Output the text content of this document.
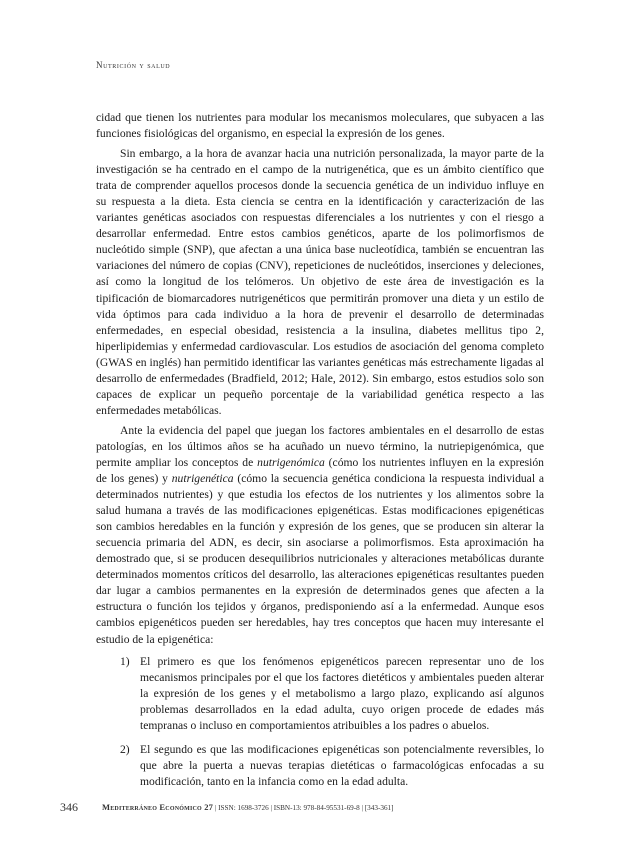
Nutrición y salud

cidad que tienen los nutrientes para modular los mecanismos moleculares, que subyacen a las funciones fisiológicas del organismo, en especial la expresión de los genes.

Sin embargo, a la hora de avanzar hacia una nutrición personalizada, la mayor parte de la investigación se ha centrado en el campo de la nutrigenética, que es un ámbito científico que trata de comprender aquellos procesos donde la secuencia genética de un individuo influye en su respuesta a la dieta. Esta ciencia se centra en la identificación y caracterización de las variantes genéticas asociados con respuestas diferenciales a los nutrientes y con el riesgo a desarrollar enfermedad. Entre estos cambios genéticos, aparte de los polimorfismos de nucleótido simple (SNP), que afectan a una única base nucleotídica, también se encuentran las variaciones del número de copias (CNV), repeticiones de nucleótidos, inserciones y deleciones, así como la longitud de los telómeros. Un objetivo de este área de investigación es la tipificación de biomarcadores nutrigenéticos que permitirán promover una dieta y un estilo de vida óptimos para cada individuo a la hora de prevenir el desarrollo de determinadas enfermedades, en especial obesidad, resistencia a la insulina, diabetes mellitus tipo 2, hiperlipidemias y enfermedad cardiovascular. Los estudios de asociación del genoma completo (GWAS en inglés) han permitido identificar las variantes genéticas más estrechamente ligadas al desarrollo de enfermedades (Bradfield, 2012; Hale, 2012). Sin embargo, estos estudios solo son capaces de explicar un pequeño porcentaje de la variabilidad genética respecto a las enfermedades metabólicas.

Ante la evidencia del papel que juegan los factores ambientales en el desarrollo de estas patologías, en los últimos años se ha acuñado un nuevo término, la nutriepigenómica, que permite ampliar los conceptos de nutrigenómica (cómo los nutrientes influyen en la expresión de los genes) y nutrigenética (cómo la secuencia genética condiciona la respuesta individual a determinados nutrientes) y que estudia los efectos de los nutrientes y los alimentos sobre la salud humana a través de las modificaciones epigenéticas. Estas modificaciones epigenéticas son cambios heredables en la función y expresión de los genes, que se producen sin alterar la secuencia primaria del ADN, es decir, sin asociarse a polimorfismos. Esta aproximación ha demostrado que, si se producen desequilibrios nutricionales y alteraciones metabólicas durante determinados momentos críticos del desarrollo, las alteraciones epigenéticas resultantes pueden dar lugar a cambios permanentes en la expresión de determinados genes que afecten a la estructura o función los tejidos y órganos, predisponiendo así a la enfermedad. Aunque esos cambios epigenéticos pueden ser heredables, hay tres conceptos que hacen muy interesante el estudio de la epigenética:

1) El primero es que los fenómenos epigenéticos parecen representar uno de los mecanismos principales por el que los factores dietéticos y ambientales pueden alterar la expresión de los genes y el metabolismo a largo plazo, explicando así algunos problemas desarrollados en la edad adulta, cuyo origen procede de edades más tempranas o incluso en comportamientos atribuibles a los padres o abuelos.
2) El segundo es que las modificaciones epigenéticas son potencialmente reversibles, lo que abre la puerta a nuevas terapias dietéticas o farmacológicas enfocadas a su modificación, tanto en la infancia como en la edad adulta.
346	Mediterráneo Económico 27 | ISSN: 1698-3726 | ISBN-13: 978-84-95531-69-8 | [343-361]
